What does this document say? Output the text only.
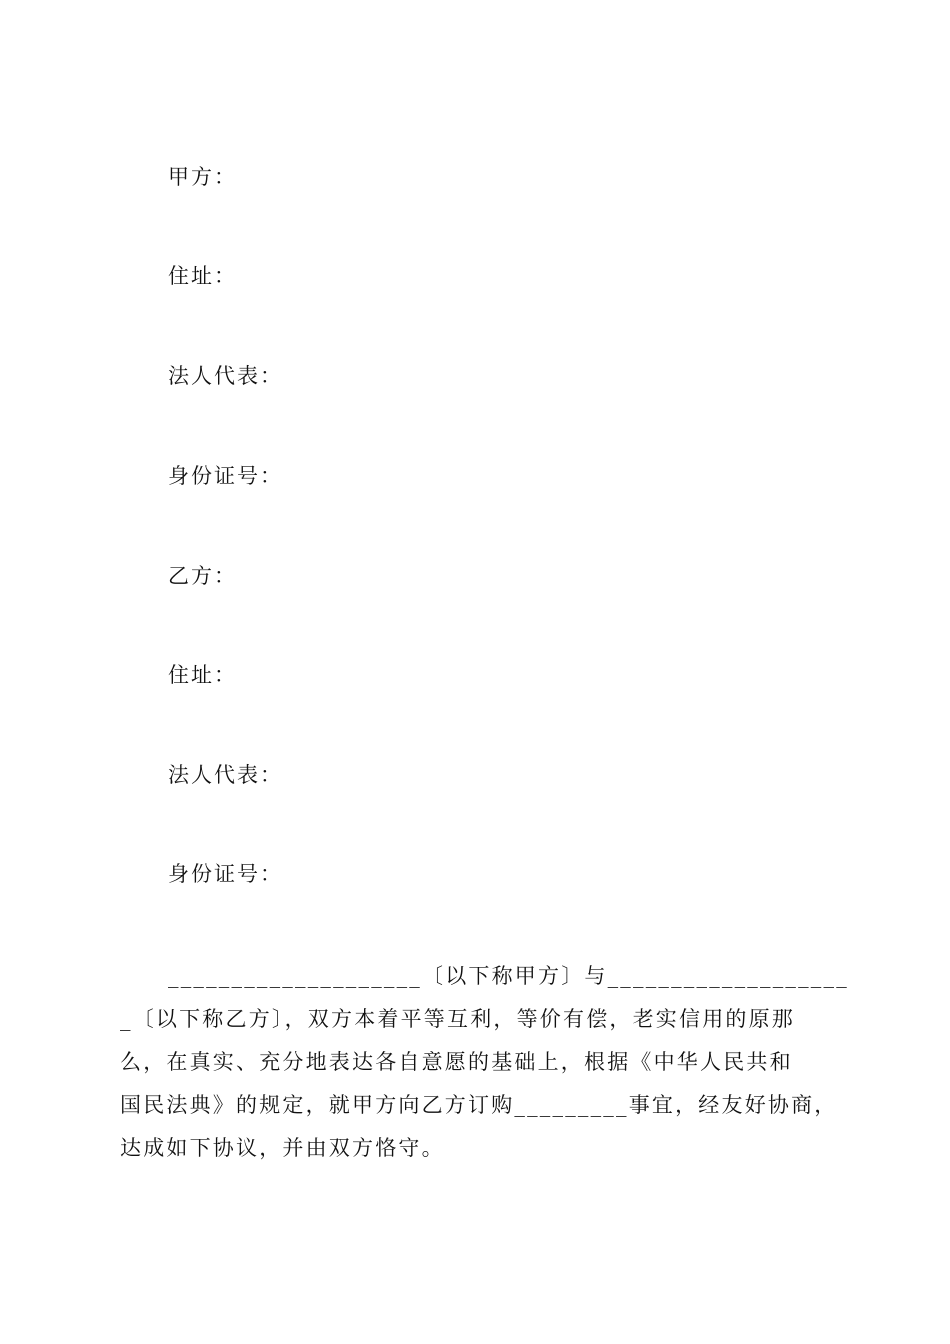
甲方：
住址：
法人代表：
身份证号：
乙方：
住址：
法人代表：
身份证号：
____________________〔以下称甲方〕与___________________
_〔以下称乙方〕，双方本着平等互利，等价有偿，老实信用的原那
么，在真实、充分地表达各自意愿的基础上，根据《中华人民共和
国民法典》的规定，就甲方向乙方订购_________事宜，经友好协商，
达成如下协议，并由双方恪守。
